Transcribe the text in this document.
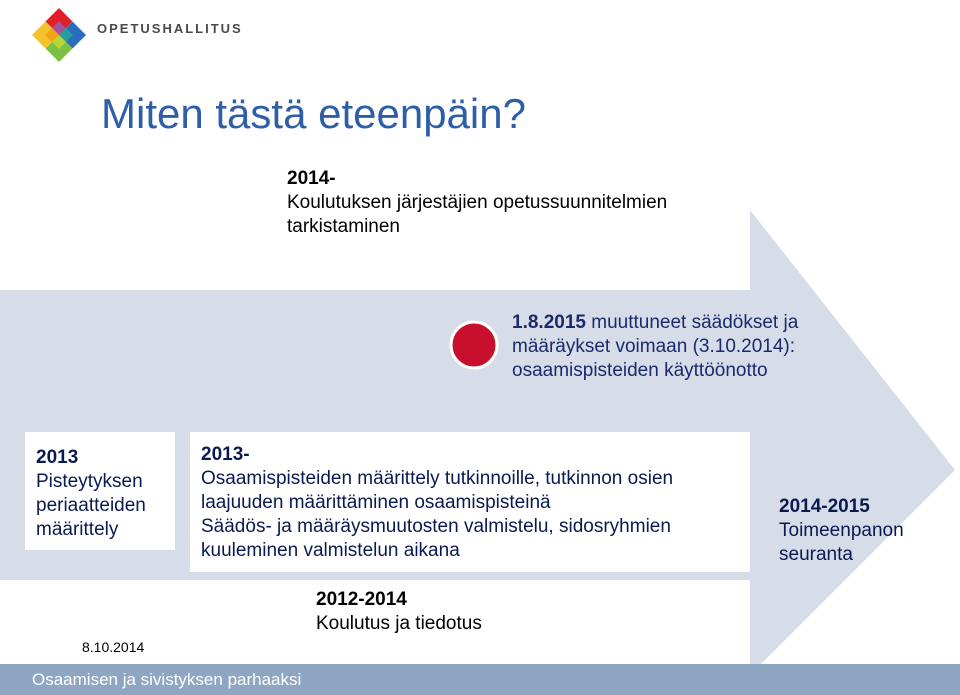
OPETUSHALLITUS
Miten tästä eteenpäin?
2014-
Koulutuksen järjestäjien opetussuunnitelmien
tarkistaminen
1.8.2015 muuttuneet säädökset ja
määräykset voimaan (3.10.2014):
osaamispisteiden käyttöönotto
2013
Pisteytyksen
periaatteiden
määrittely
2013-
Osaamispisteiden määrittely tutkinnoille, tutkinnon osien
laajuuden määrittäminen osaamispisteinä
Säädös- ja määräysmuutosten valmistelu, sidosryhmien
kuuleminen valmistelun aikana
2014-2015
Toimeenpanon
seuranta
2012-2014
Koulutus ja tiedotus
8.10.2014
Osaamisen ja sivistyksen parhaaksi
